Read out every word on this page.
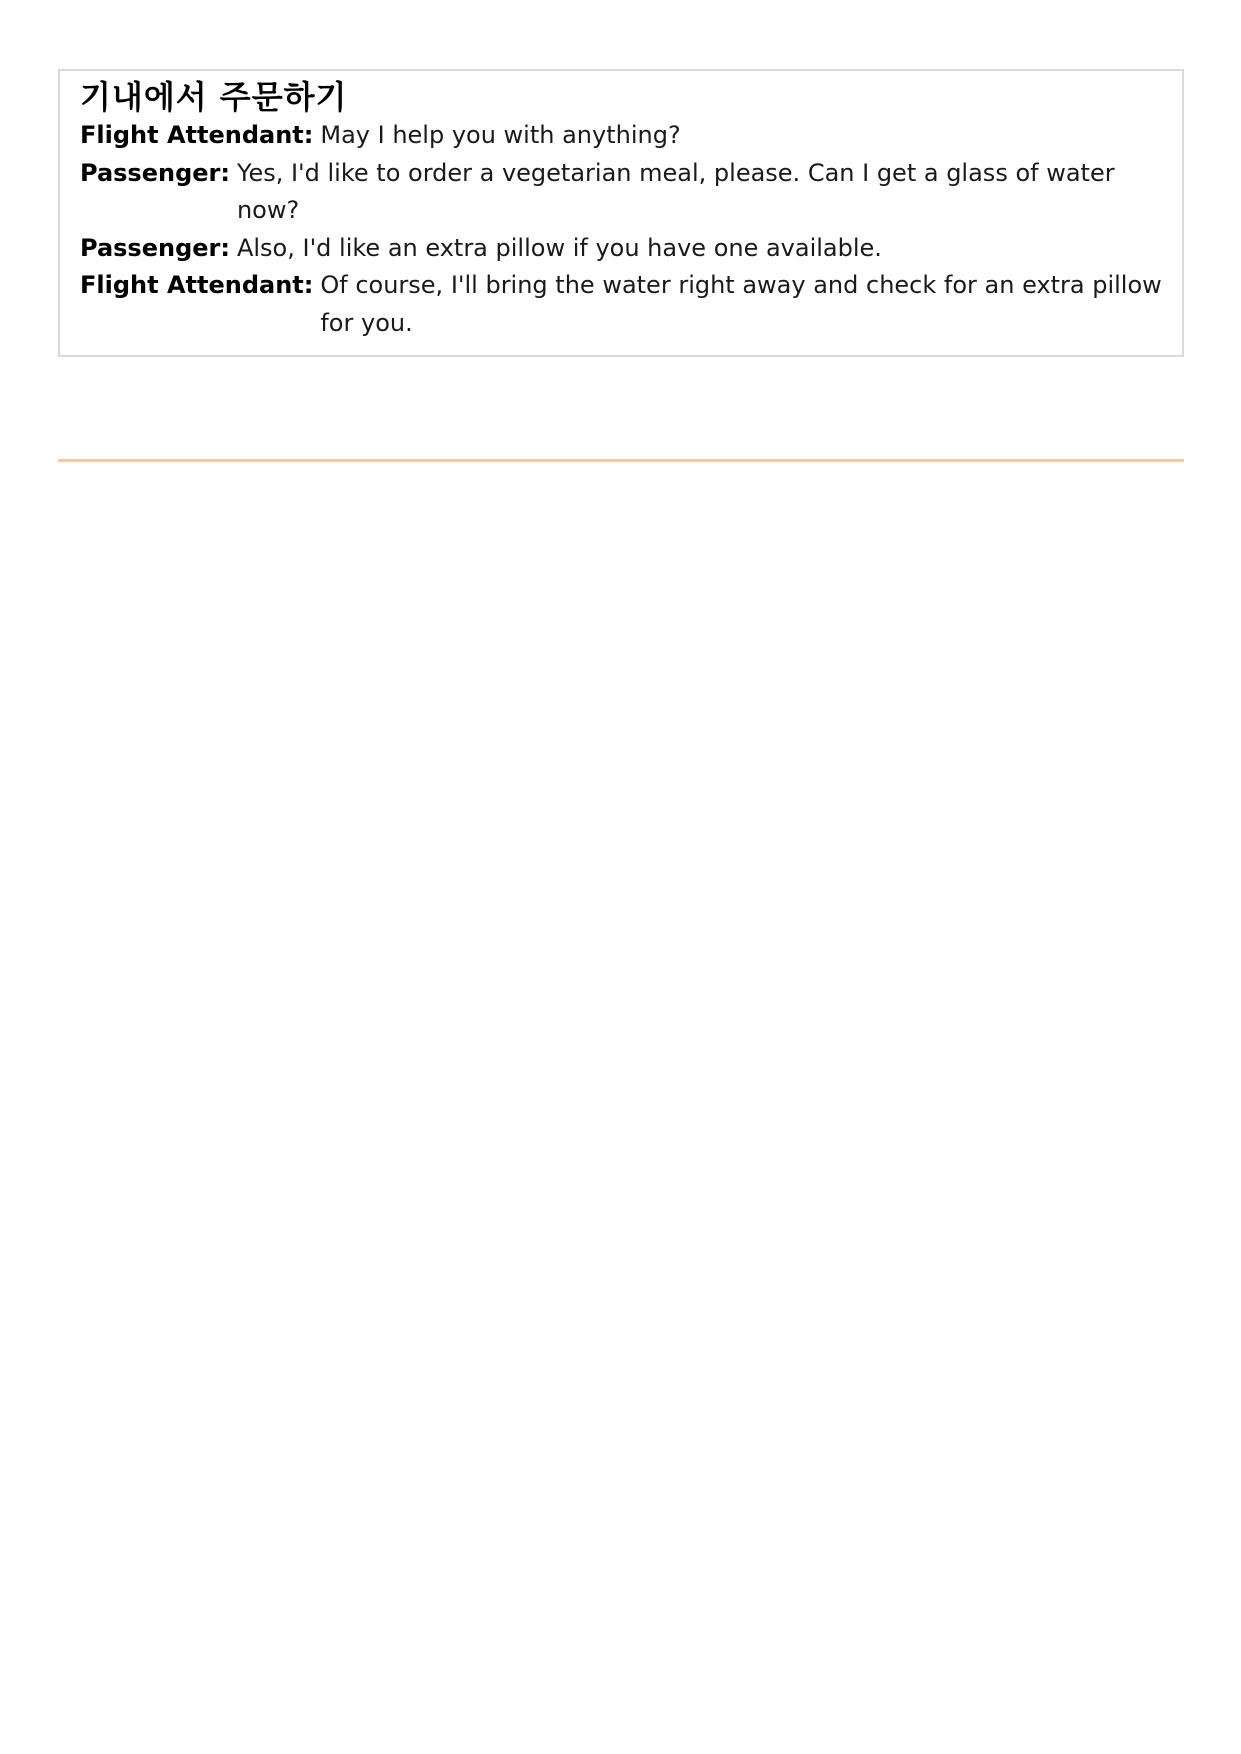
기내에서 주문하기
Flight Attendant: May I help you with anything?
Passenger: Yes, I'd like to order a vegetarian meal, please. Can I get a glass of water now?
Passenger: Also, I'd like an extra pillow if you have one available.
Flight Attendant: Of course, I'll bring the water right away and check for an extra pillow for you.
